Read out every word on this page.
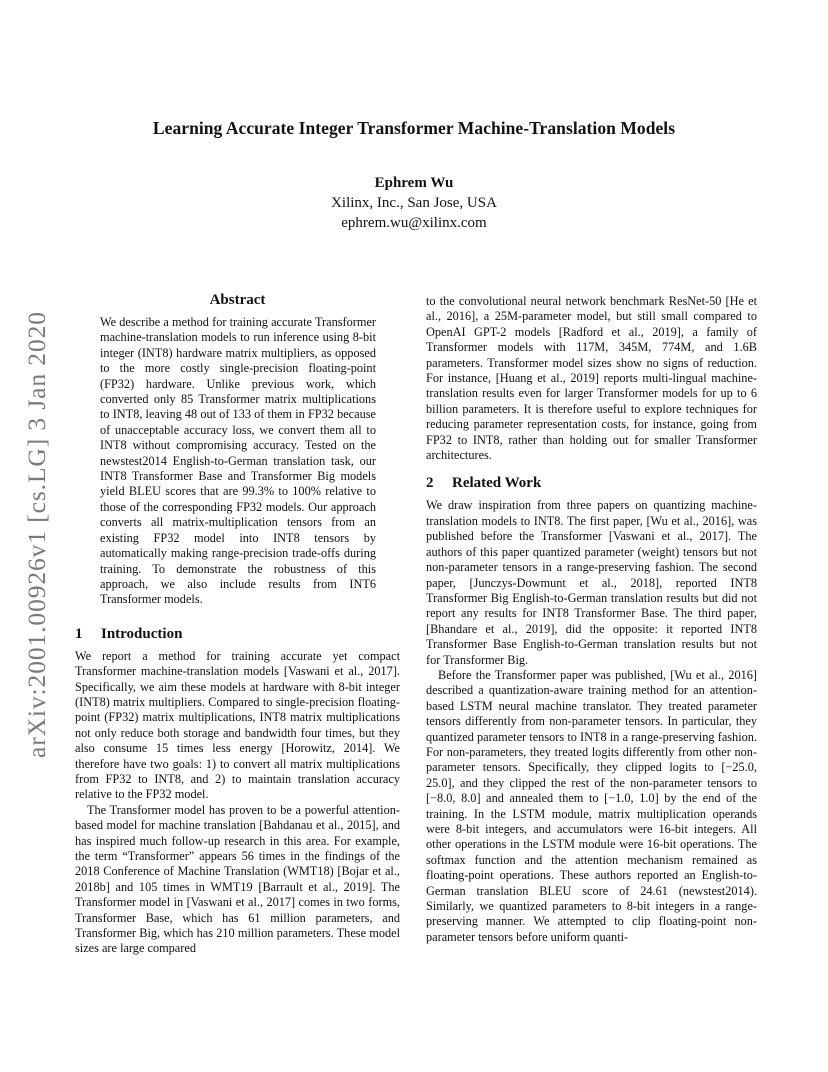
Learning Accurate Integer Transformer Machine-Translation Models
Ephrem Wu
Xilinx, Inc., San Jose, USA
ephrem.wu@xilinx.com
arXiv:2001.00926v1 [cs.LG] 3 Jan 2020
Abstract
We describe a method for training accurate Transformer machine-translation models to run inference using 8-bit integer (INT8) hardware matrix multipliers, as opposed to the more costly single-precision floating-point (FP32) hardware. Unlike previous work, which converted only 85 Transformer matrix multiplications to INT8, leaving 48 out of 133 of them in FP32 because of unacceptable accuracy loss, we convert them all to INT8 without compromising accuracy. Tested on the newstest2014 English-to-German translation task, our INT8 Transformer Base and Transformer Big models yield BLEU scores that are 99.3% to 100% relative to those of the corresponding FP32 models. Our approach converts all matrix-multiplication tensors from an existing FP32 model into INT8 tensors by automatically making range-precision trade-offs during training. To demonstrate the robustness of this approach, we also include results from INT6 Transformer models.
1 Introduction

We report a method for training accurate yet compact Transformer machine-translation models [Vaswani et al., 2017]. Specifically, we aim these models at hardware with 8-bit integer (INT8) matrix multipliers. Compared to single-precision floating-point (FP32) matrix multiplications, INT8 matrix multiplications not only reduce both storage and bandwidth four times, but they also consume 15 times less energy [Horowitz, 2014]. We therefore have two goals: 1) to convert all matrix multiplications from FP32 to INT8, and 2) to maintain translation accuracy relative to the FP32 model.

The Transformer model has proven to be a powerful attention-based model for machine translation [Bahdanau et al., 2015], and has inspired much follow-up research in this area. For example, the term “Transformer” appears 56 times in the findings of the 2018 Conference of Machine Translation (WMT18) [Bojar et al., 2018b] and 105 times in WMT19 [Barrault et al., 2019]. The Transformer model in [Vaswani et al., 2017] comes in two forms, Transformer Base, which has 61 million parameters, and Transformer Big, which has 210 million parameters. These model sizes are large compared

to the convolutional neural network benchmark ResNet-50 [He et al., 2016], a 25M-parameter model, but still small compared to OpenAI GPT-2 models [Radford et al., 2019], a family of Transformer models with 117M, 345M, 774M, and 1.6B parameters. Transformer model sizes show no signs of reduction. For instance, [Huang et al., 2019] reports multi-lingual machine-translation results even for larger Transformer models for up to 6 billion parameters. It is therefore useful to explore techniques for reducing parameter representation costs, for instance, going from FP32 to INT8, rather than holding out for smaller Transformer architectures.

2 Related Work

We draw inspiration from three papers on quantizing machine-translation models to INT8. The first paper, [Wu et al., 2016], was published before the Transformer [Vaswani et al., 2017]. The authors of this paper quantized parameter (weight) tensors but not non-parameter tensors in a range-preserving fashion. The second paper, [Junczys-Dowmunt et al., 2018], reported INT8 Transformer Big English-to-German translation results but did not report any results for INT8 Transformer Base. The third paper, [Bhandare et al., 2019], did the opposite: it reported INT8 Transformer Base English-to-German translation results but not for Transformer Big.

Before the Transformer paper was published, [Wu et al., 2016] described a quantization-aware training method for an attention-based LSTM neural machine translator. They treated parameter tensors differently from non-parameter tensors. In particular, they quantized parameter tensors to INT8 in a range-preserving fashion. For non-parameters, they treated logits differently from other non-parameter tensors. Specifically, they clipped logits to [−25.0, 25.0], and they clipped the rest of the non-parameter tensors to [−8.0, 8.0] and annealed them to [−1.0, 1.0] by the end of the training. In the LSTM module, matrix multiplication operands were 8-bit integers, and accumulators were 16-bit integers. All other operations in the LSTM module were 16-bit operations. The softmax function and the attention mechanism remained as floating-point operations. These authors reported an English-to-German translation BLEU score of 24.61 (newstest2014). Similarly, we quantized parameters to 8-bit integers in a range-preserving manner. We attempted to clip floating-point non-parameter tensors before uniform quanti-
